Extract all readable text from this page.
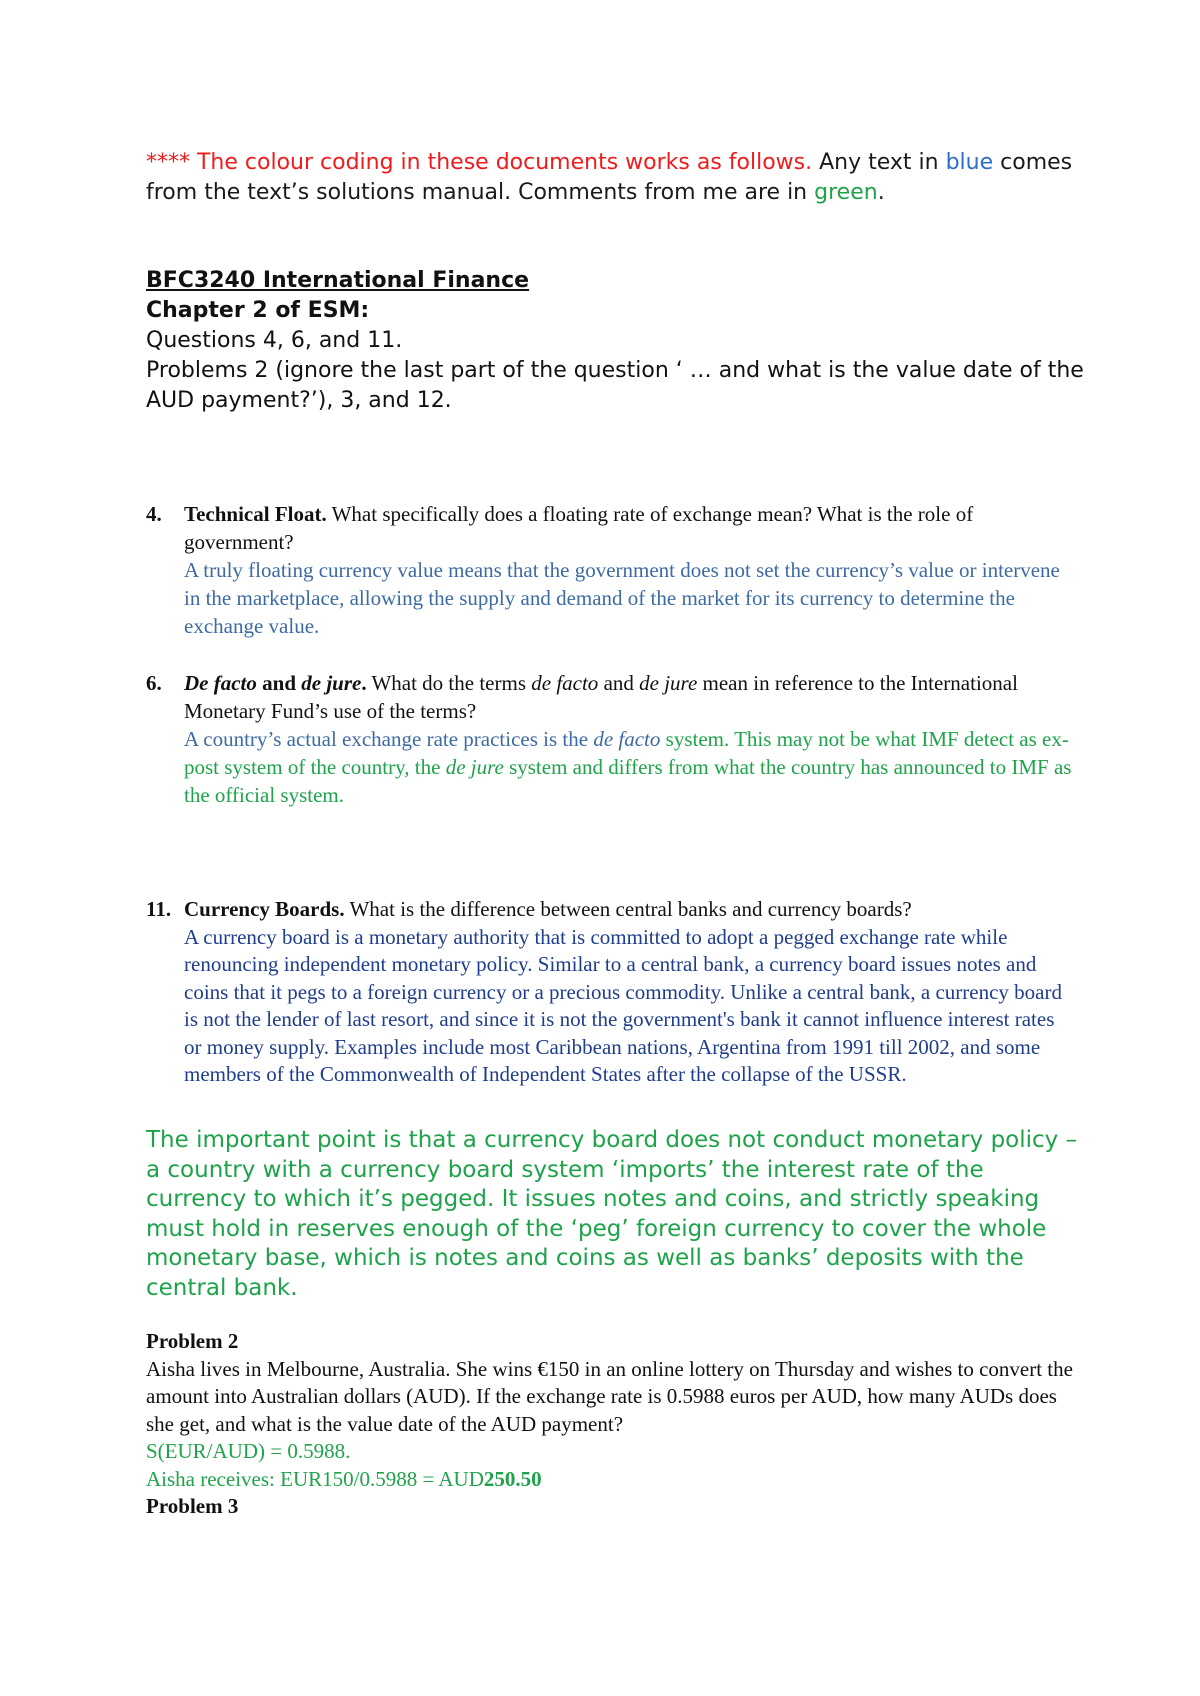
**** The colour coding in these documents works as follows. Any text in blue comes from the text’s solutions manual. Comments from me are in green.

BFC3240 International Finance

Chapter 2 of ESM:

Questions 4, 6, and 11.

Problems 2 (ignore the last part of the question ‘ … and what is the value date of the AUD payment?’), 3, and 12.

4. Technical Float. What specifically does a floating rate of exchange mean? What is the role of government?

A truly floating currency value means that the government does not set the currency’s value or intervene in the marketplace, allowing the supply and demand of the market for its currency to determine the exchange value.

6. De facto and de jure. What do the terms de facto and de jure mean in reference to the International Monetary Fund’s use of the terms?

A country’s actual exchange rate practices is the de facto system. This may not be what IMF detect as ex-post system of the country, the de jure system and differs from what the country has announced to IMF as the official system.

11. Currency Boards. What is the difference between central banks and currency boards?

A currency board is a monetary authority that is committed to adopt a pegged exchange rate while renouncing independent monetary policy. Similar to a central bank, a currency board issues notes and coins that it pegs to a foreign currency or a precious commodity. Unlike a central bank, a currency board is not the lender of last resort, and since it is not the government's bank it cannot influence interest rates or money supply. Examples include most Caribbean nations, Argentina from 1991 till 2002, and some members of the Commonwealth of Independent States after the collapse of the USSR.

The important point is that a currency board does not conduct monetary policy – a country with a currency board system ‘imports’ the interest rate of the currency to which it’s pegged. It issues notes and coins, and strictly speaking must hold in reserves enough of the ‘peg’ foreign currency to cover the whole monetary base, which is notes and coins as well as banks’ deposits with the central bank.

Problem 2

Aisha lives in Melbourne, Australia. She wins €150 in an online lottery on Thursday and wishes to convert the amount into Australian dollars (AUD). If the exchange rate is 0.5988 euros per AUD, how many AUDs does she get, and what is the value date of the AUD payment?

S(EUR/AUD) = 0.5988.

Aisha receives: EUR150/0.5988 = AUD250.50

Problem 3
